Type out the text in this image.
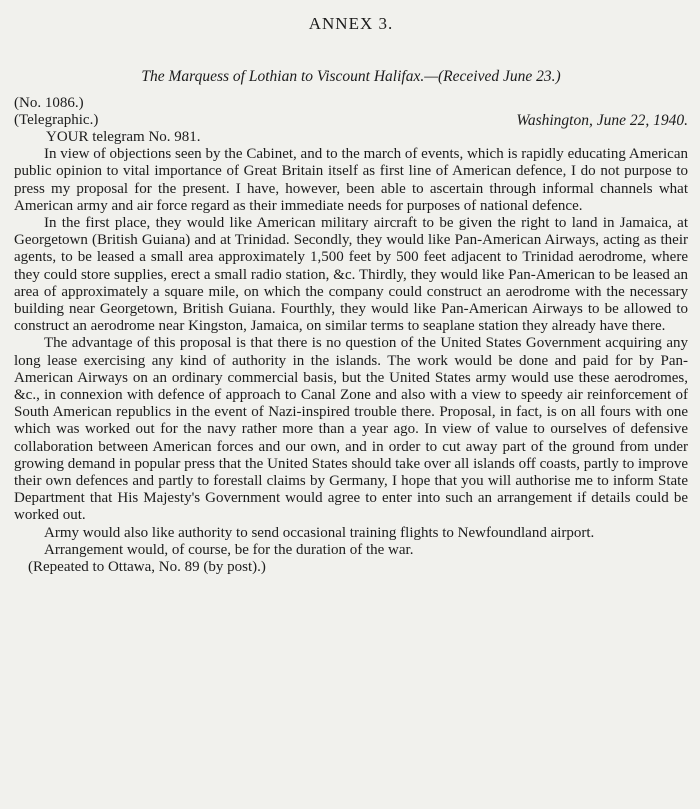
ANNEX 3.
The Marquess of Lothian to Viscount Halifax.—(Received June 23.)
(No. 1086.)
(Telegraphic.)	Washington, June 22, 1940.

YOUR telegram No. 981.

In view of objections seen by the Cabinet, and to the march of events, which is rapidly educating American public opinion to vital importance of Great Britain itself as first line of American defence, I do not purpose to press my proposal for the present. I have, however, been able to ascertain through informal channels what American army and air force regard as their immediate needs for purposes of national defence.

In the first place, they would like American military aircraft to be given the right to land in Jamaica, at Georgetown (British Guiana) and at Trinidad. Secondly, they would like Pan-American Airways, acting as their agents, to be leased a small area approximately 1,500 feet by 500 feet adjacent to Trinidad aerodrome, where they could store supplies, erect a small radio station, &c. Thirdly, they would like Pan-American to be leased an area of approximately a square mile, on which the company could construct an aerodrome with the necessary building near Georgetown, British Guiana. Fourthly, they would like Pan-American Airways to be allowed to construct an aerodrome near Kingston, Jamaica, on similar terms to seaplane station they already have there.

The advantage of this proposal is that there is no question of the United States Government acquiring any long lease exercising any kind of authority in the islands. The work would be done and paid for by Pan-American Airways on an ordinary commercial basis, but the United States army would use these aerodromes, &c., in connexion with defence of approach to Canal Zone and also with a view to speedy air reinforcement of South American republics in the event of Nazi-inspired trouble there. Proposal, in fact, is on all fours with one which was worked out for the navy rather more than a year ago. In view of value to ourselves of defensive collaboration between American forces and our own, and in order to cut away part of the ground from under growing demand in popular press that the United States should take over all islands off coasts, partly to improve their own defences and partly to forestall claims by Germany, I hope that you will authorise me to inform State Department that His Majesty's Government would agree to enter into such an arrangement if details could be worked out.

Army would also like authority to send occasional training flights to Newfoundland airport.

Arrangement would, of course, be for the duration of the war.

(Repeated to Ottawa, No. 89 (by post).)
